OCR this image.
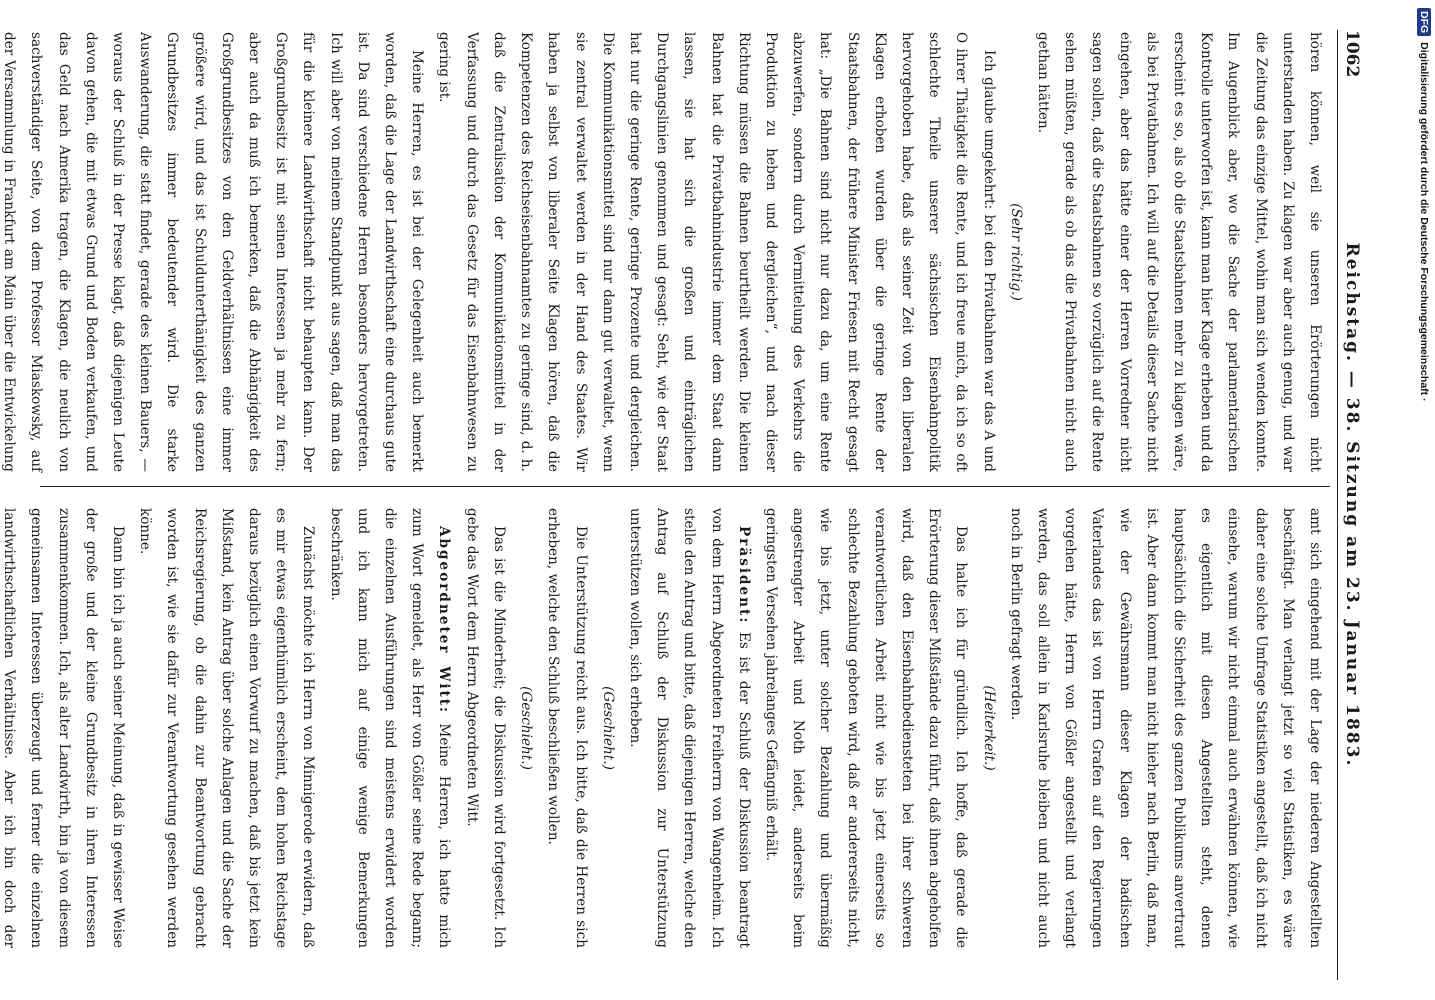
1062
Reichstag. — 38. Sitzung am 23. Januar 1883.

hören können, weil sie unseren Erörterungen nicht unterstanden haben. Zu klagen war aber auch genug, und war die Zeitung das einzige Mittel, wohin man sich wenden konnte. Im Augenblick aber, wo die Sache der parlamentarischen Kontrolle unterworfen ist, kann man hier Klage erheben und da erscheint es so, als ob die Staatsbahnen mehr zu klagen wäre, als bei Privatbahnen. Ich will auf die Details dieser Sache nicht eingehen, aber das hätte einer der Herren Vorredner nicht sagen sollen, daß die Staatsbahnen so vorzüglich auf die Rente sehen müßten, gerade als ob das die Privatbahnen nicht auch gethan hätten.

(Sehr richtig.)

Ich glaube umgekehrt: bei den Privatbahnen war das A und O ihrer Thätigkeit die Rente, und ich freue mich, da ich so oft schlechte Theile unserer sächsischen Eisenbahnpolitik hervorgehoben habe, daß als seiner Zeit von den liberalen Klagen erhoben wurden über die geringe Rente der Staatsbahnen, der frühere Minister Friesen mit Recht gesagt hat: „Die Bahnen sind nicht nur dazu da, um eine Rente abzuwerfen, sondern durch Vermittelung des Verkehrs die Produktion zu heben und dergleichen“, und nach dieser Richtung müssen die Bahnen beurtheilt werden. Die kleinen Bahnen hat die Privatbahnindustrie immer dem Staat dann lassen, sie hat sich die großen und einträglichen Durchgangslinien genommen und gesagt: Seht, wie der Staat hat nur die geringe Rente, geringe Prozente und dergleichen. Die Kommunikationsmittel sind nur dann gut verwaltet, wenn sie zentral verwaltet werden in der Hand des Staates. Wir haben ja selbst von liberaler Seite Klagen hören, daß die Kompetenzen des Reichseisenbahnamtes zu geringe sind, d. h. daß die Zentralisation der Kommunikationsmittel in der Verfassung und durch das Gesetz für das Eisenbahnwesen zu gering ist.

Meine Herren, es ist bei der Gelegenheit auch bemerkt worden, daß die Lage der Landwirthschaft eine durchaus gute ist. Da sind verschiedene Herren besonders hervorgetreten. Ich will aber von meinem Standpunkt aus sagen, daß man das für die kleinere Landwirthschaft nicht behaupten kann. Der Großgrundbesitz ist mit seinen Interessen ja mehr zu fern; aber auch da muß ich bemerken, daß die Abhängigkeit des Großgrundbesitzes von den Geldverhältnissen eine immer größere wird, und das ist Schuldunterthänigkeit des ganzen Grundbesitzes immer bedeutender wird. Die starke Auswanderung, die statt findet, gerade des kleinen Bauers, — woraus der Schluß in der Presse klagt, daß diejenigen Leute davon gehen, die mit etwas Grund und Boden verkaufen, und das Geld nach Amerika tragen, die Klagen, die neulich von sachverständiger Seite, von dem Professor Miaskowsky, auf der Versammlung in Frankfurt am Main über die Entwickelung

amt sich eingehend mit der Lage der niederen Angestellten beschäftigt. Man verlangt jetzt so viel Statistiken, es wäre daher eine solche Umfrage Statistiken angestellt, daß ich nicht einsehe, warum wir nicht einmal auch erwähnen können, wie es eigentlich mit diesen Angestellten steht, denen hauptsächlich die Sicherheit des ganzen Publikums anvertraut ist. Aber dann kommt man nicht hieher nach Berlin, daß man, wie der Gewährsmann dieser Klagen der badischen Vaterlandes das ist von Herrn Grafen auf den Regierungen vorgehen hätte, Herrn von Gößler angestellt und verlangt werden, das soll allein in Karlsruhe bleiben und nicht auch noch in Berlin gefragt werden.

(Heiterkeit.)

Das halte ich für gründlich. Ich hoffe, daß gerade die Erörterung dieser Mißstände dazu führt, daß ihnen abgeholfen wird, daß den Eisenbahnbediensteten bei ihrer schweren verantwortlichen Arbeit nicht wie bis jetzt einerseits so schlechte Bezahlung geboten wird, daß er andererseits nicht, wie bis jetzt, unter solcher Bezahlung und übermäßig angestrengter Arbeit und Noth leidet, anderseits beim geringsten Versehen jahrelanges Gefängniß erhält.

Präsident: Es ist der Schluß der Diskussion beantragt von dem Herrn Abgeordneten Freiherrn von Wangenheim. Ich stelle den Antrag und bitte, daß diejenigen Herren, welche den Antrag auf Schluß der Diskussion zur Unterstützung unterstützen wollen, sich erheben.

(Geschieht.)

Die Unterstützung reicht aus. Ich bitte, daß die Herren sich erheben, welche den Schluß beschließen wollen.

(Geschieht.)

Das ist die Minderheit; die Diskussion wird fortgesetzt. Ich gebe das Wort dem Herrn Abgeordneten Witt.

Abgeordneter Witt: Meine Herren, ich hatte mich zum Wort gemeldet, als Herr von Gößler seine Rede begann; die einzelnen Ausführungen sind meistens erwidert worden und ich kann mich auf einige wenige Bemerkungen beschränken.

Zunächst möchte ich Herrn von Minnigerode erwidern, daß es mir etwas eigenthümlich erscheint, dem hohen Reichstage daraus bezüglich einen Vorwurf zu machen, daß bis jetzt kein Mißstand, kein Antrag über solche Anlagen und die Sache der Reichsregierung, ob die dahin zur Beantwortung gebracht worden ist, wie sie dafür zur Verantwortung gesehen werden könne.

Dann bin ich ja auch seiner Meinung, daß in gewisser Weise der große und der kleine Grundbesitz in ihren Interessen zusammenkommen. Ich, als alter Landwirth, bin ja von diesem gemeinsamen Interessen überzeugt und ferner die einzelnen landwirthschaftlichen Verhältnisse. Aber ich bin doch der

DFGDigitalisierung gefördert durch die Deutsche Forschungsgemeinschaft ·
